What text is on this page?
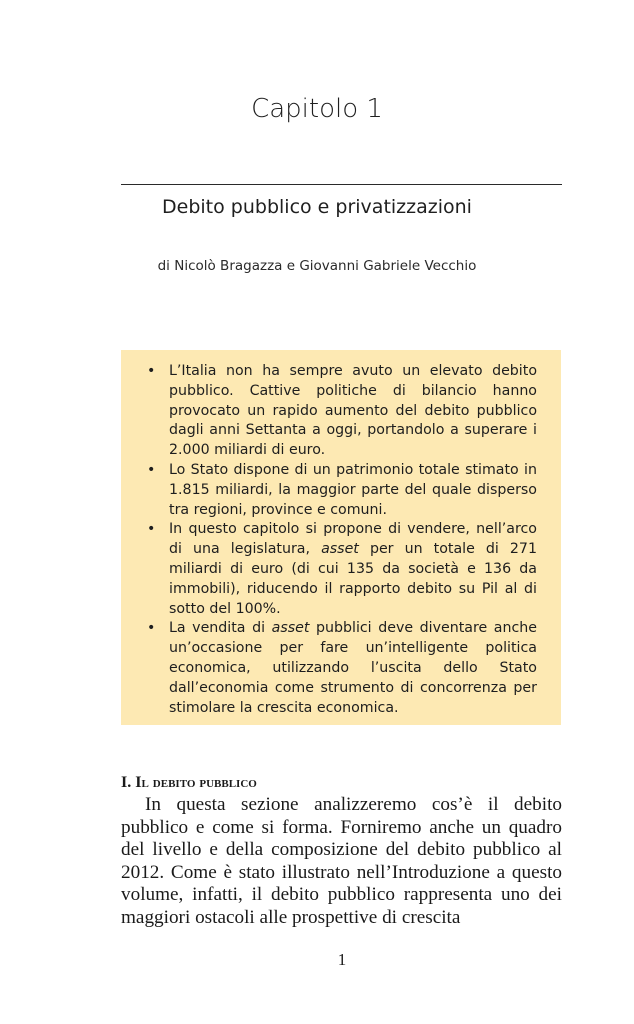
Capitolo 1
Debito pubblico e privatizzazioni
di Nicolò Bragazza e Giovanni Gabriele Vecchio
• L’Italia non ha sempre avuto un elevato debito pubblico. Cattive politiche di bilancio hanno provocato un rapido aumento del debito pubblico dagli anni Settanta a oggi, portandolo a superare i 2.000 miliardi di euro.
• Lo Stato dispone di un patrimonio totale stimato in 1.815 miliardi, la maggior parte del quale disperso tra regioni, province e comuni.
• In questo capitolo si propone di vendere, nell’arco di una legislatura, asset per un totale di 271 miliardi di euro (di cui 135 da società e 136 da immobili), riducendo il rapporto debito su Pil al di sotto del 100%.
• La vendita di asset pubblici deve diventare anche un’occasione per fare un’intelligente politica economica, utilizzando l’uscita dello Stato dall’economia come strumento di concorrenza per stimolare la crescita economica.
I. Il debito pubblico

In questa sezione analizzeremo cos’è il debito pubblico e come si forma. Forniremo anche un quadro del livello e della composizione del debito pubblico al 2012. Come è stato illustrato nell’Introduzione a questo volume, infatti, il debito pubblico rappresenta uno dei maggiori ostacoli alle prospettive di crescita

1
